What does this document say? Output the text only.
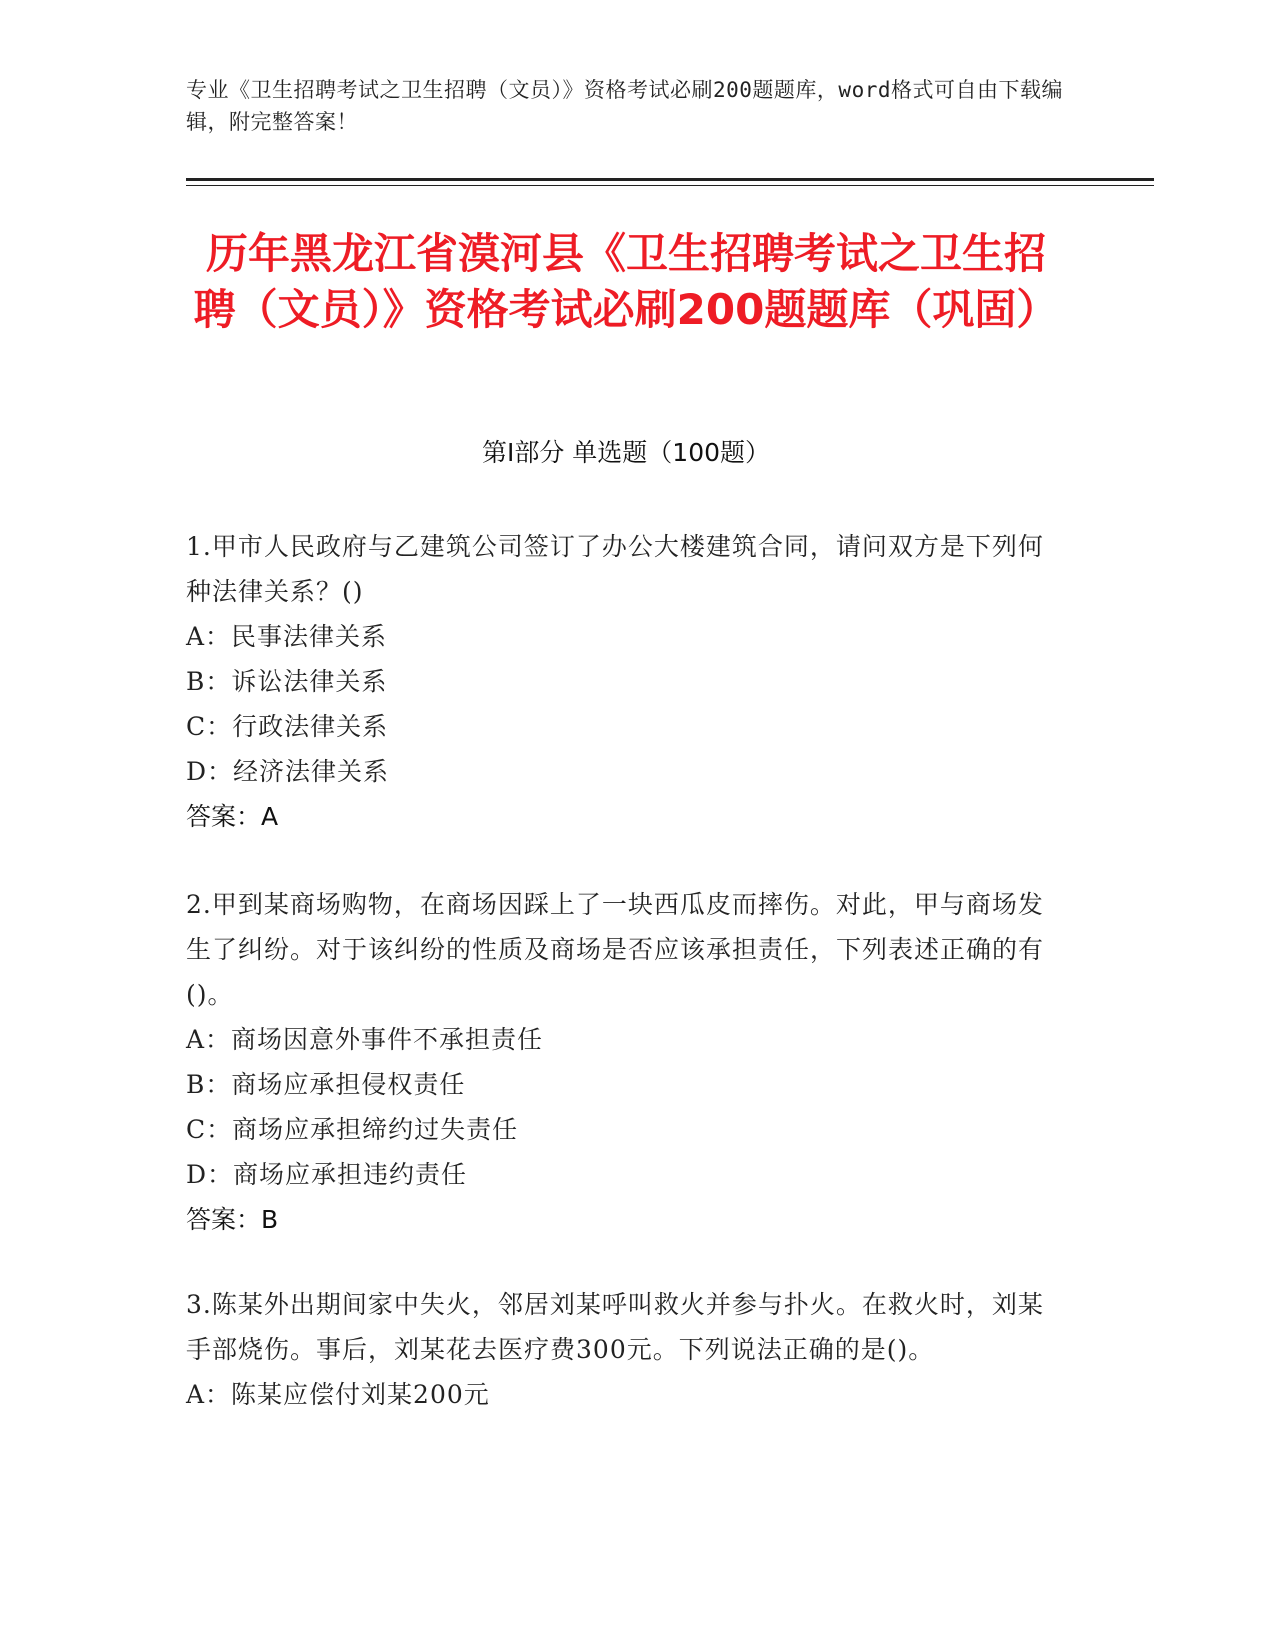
专业《卫生招聘考试之卫生招聘（文员）》资格考试必刷200题题库，word格式可自由下载编辑，附完整答案！
历年黑龙江省漠河县《卫生招聘考试之卫生招聘（文员）》资格考试必刷200题题库（巩固）
第Ⅰ部分 单选题（100题）
1.甲市人民政府与乙建筑公司签订了办公大楼建筑合同，请问双方是下列何种法律关系？()
A：民事法律关系
B：诉讼法律关系
C：行政法律关系
D：经济法律关系
答案：A
2.甲到某商场购物，在商场因踩上了一块西瓜皮而摔伤。对此，甲与商场发生了纠纷。对于该纠纷的性质及商场是否应该承担责任，下列表述正确的有()。
A：商场因意外事件不承担责任
B：商场应承担侵权责任
C：商场应承担缔约过失责任
D：商场应承担违约责任
答案：B
3.陈某外出期间家中失火，邻居刘某呼叫救火并参与扑火。在救火时，刘某手部烧伤。事后，刘某花去医疗费300元。下列说法正确的是()。
A：陈某应偿付刘某200元
